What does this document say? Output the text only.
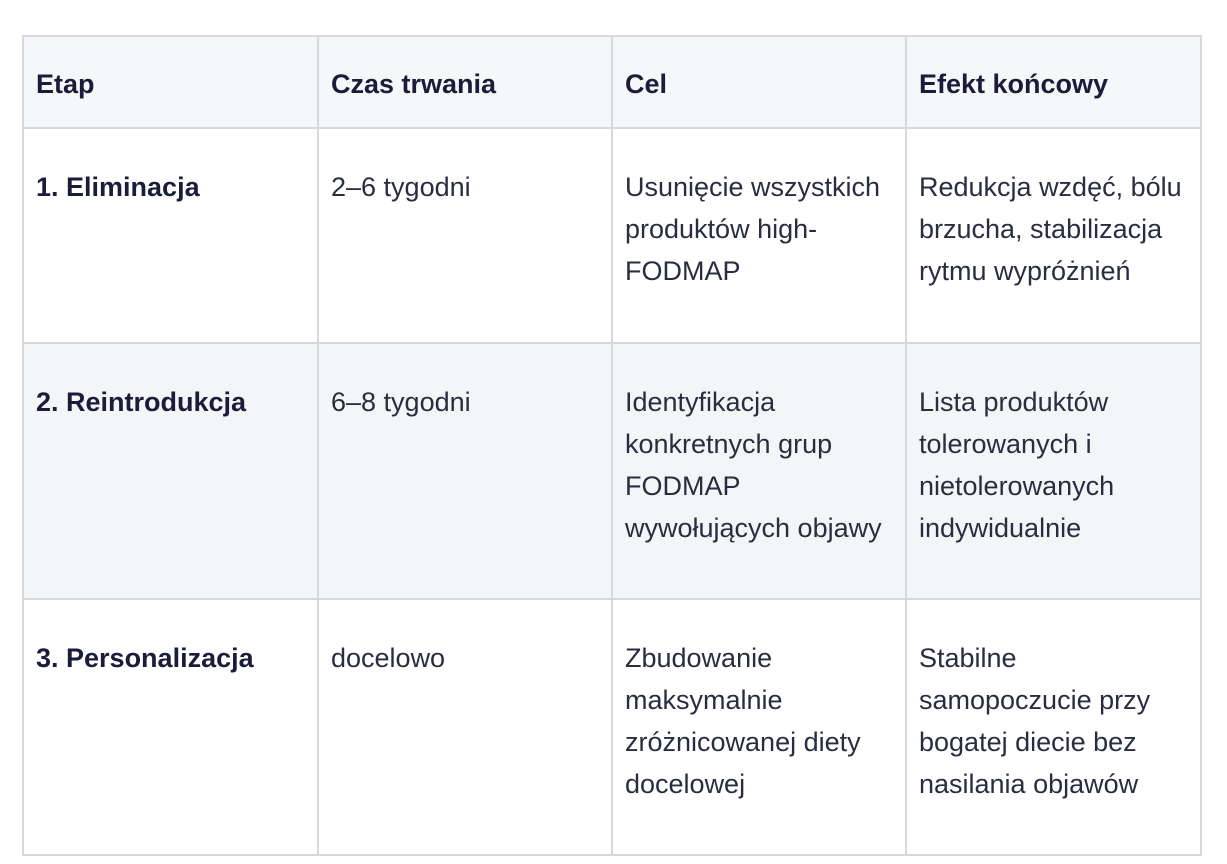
Etap	Czas trwania	Cel	Efekt końcowy
1. Eliminacja	2–6 tygodni	Usunięcie wszystkich produktów high-FODMAP	Redukcja wzdęć, bólu brzucha, stabilizacja rytmu wypróżnień
2. Reintrodukcja	6–8 tygodni	Identyfikacja konkretnych grup FODMAP wywołujących objawy	Lista produktów tolerowanych i nietolerowanych indywidualnie
3. Personalizacja	docelowo	Zbudowanie maksymalnie zróżnicowanej diety docelowej	Stabilne samopoczucie przy bogatej diecie bez nasilania objawów
